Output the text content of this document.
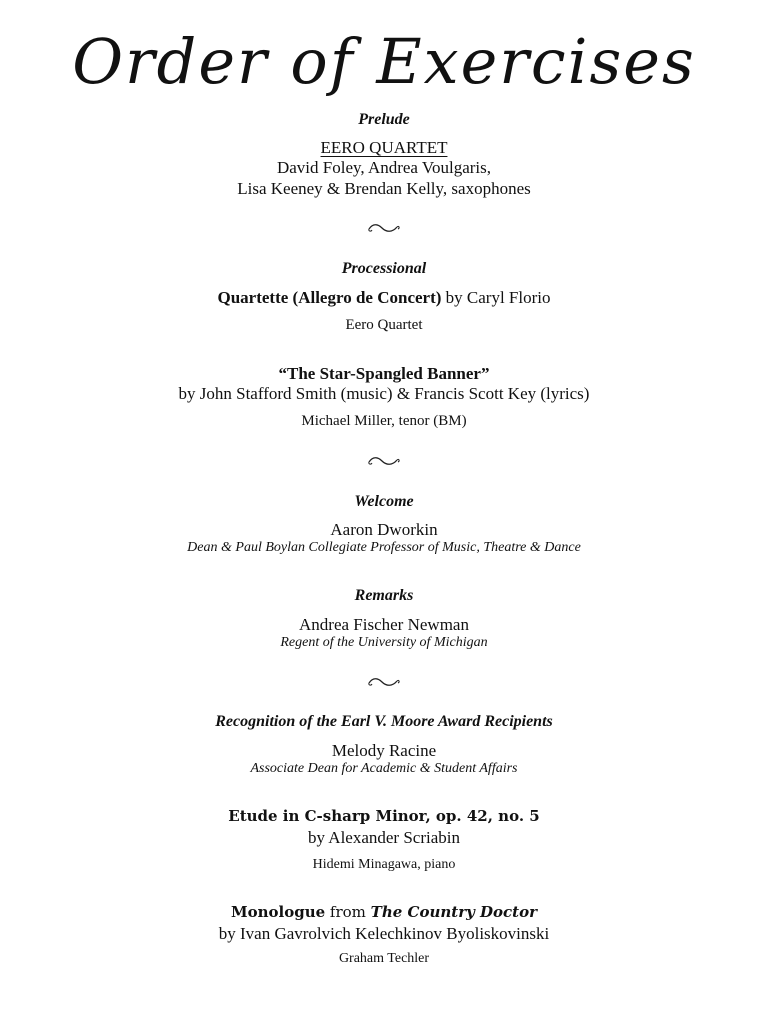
Order of Exercises
Prelude
EERO QUARTET
David Foley, Andrea Voulgaris,
Lisa Keeney & Brendan Kelly, saxophones
Processional
Quartette (Allegro de Concert) by Caryl Florio
Eero Quartet
“The Star-Spangled Banner”
by John Stafford Smith (music) & Francis Scott Key (lyrics)
Michael Miller, tenor (BM)
Welcome
Aaron Dworkin
Dean & Paul Boylan Collegiate Professor of Music, Theatre & Dance
Remarks
Andrea Fischer Newman
Regent of the University of Michigan
Recognition of the Earl V. Moore Award Recipients
Melody Racine
Associate Dean for Academic & Student Affairs
Etude in C-sharp Minor, op. 42, no. 5
by Alexander Scriabin
Hidemi Minagawa, piano
Monologue from The Country Doctor
by Ivan Gavrolvich Kelechkinov Byoliskovinski
Graham Techler
